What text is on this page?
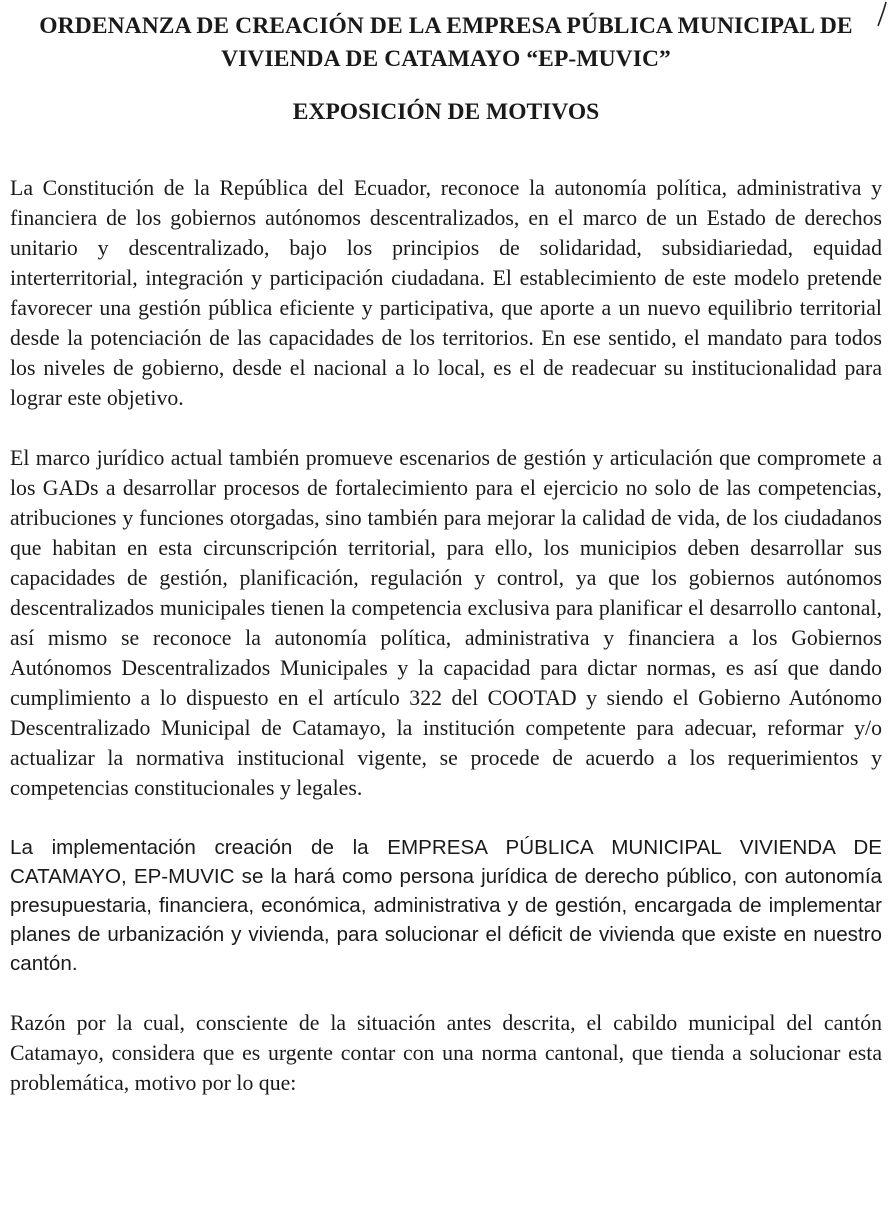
ORDENANZA DE CREACIÓN DE LA EMPRESA PÚBLICA MUNICIPAL DE
VIVIENDA DE CATAMAYO “EP-MUVIC”
EXPOSICIÓN DE MOTIVOS

La Constitución de la República del Ecuador, reconoce la autonomía política, administrativa y financiera de los gobiernos autónomos descentralizados, en el marco de un Estado de derechos unitario y descentralizado, bajo los principios de solidaridad, subsidiariedad, equidad interterritorial, integración y participación ciudadana. El establecimiento de este modelo pretende favorecer una gestión pública eficiente y participativa, que aporte a un nuevo equilibrio territorial desde la potenciación de las capacidades de los territorios. En ese sentido, el mandato para todos los niveles de gobierno, desde el nacional a lo local, es el de readecuar su institucionalidad para lograr este objetivo.

El marco jurídico actual también promueve escenarios de gestión y articulación que compromete a los GADs a desarrollar procesos de fortalecimiento para el ejercicio no solo de las competencias, atribuciones y funciones otorgadas, sino también para mejorar la calidad de vida, de los ciudadanos que habitan en esta circunscripción territorial, para ello, los municipios deben desarrollar sus capacidades de gestión, planificación, regulación y control, ya que los gobiernos autónomos descentralizados municipales tienen la competencia exclusiva para planificar el desarrollo cantonal, así mismo se reconoce la autonomía política, administrativa y financiera a los Gobiernos Autónomos Descentralizados Municipales y la capacidad para dictar normas, es así que dando cumplimiento a lo dispuesto en el artículo 322 del COOTAD y siendo el Gobierno Autónomo Descentralizado Municipal de Catamayo, la institución competente para adecuar, reformar y/o actualizar la normativa institucional vigente, se procede de acuerdo a los requerimientos y competencias constitucionales y legales.

La implementación creación de la EMPRESA PÚBLICA MUNICIPAL VIVIENDA DE CATAMAYO, EP-MUVIC se la hará como persona jurídica de derecho público, con autonomía presupuestaria, financiera, económica, administrativa y de gestión, encargada de implementar planes de urbanización y vivienda, para solucionar el déficit de vivienda que existe en nuestro cantón.

Razón por la cual, consciente de la situación antes descrita, el cabildo municipal del cantón Catamayo, considera que es urgente contar con una norma cantonal, que tienda a solucionar esta problemática, motivo por lo que:
